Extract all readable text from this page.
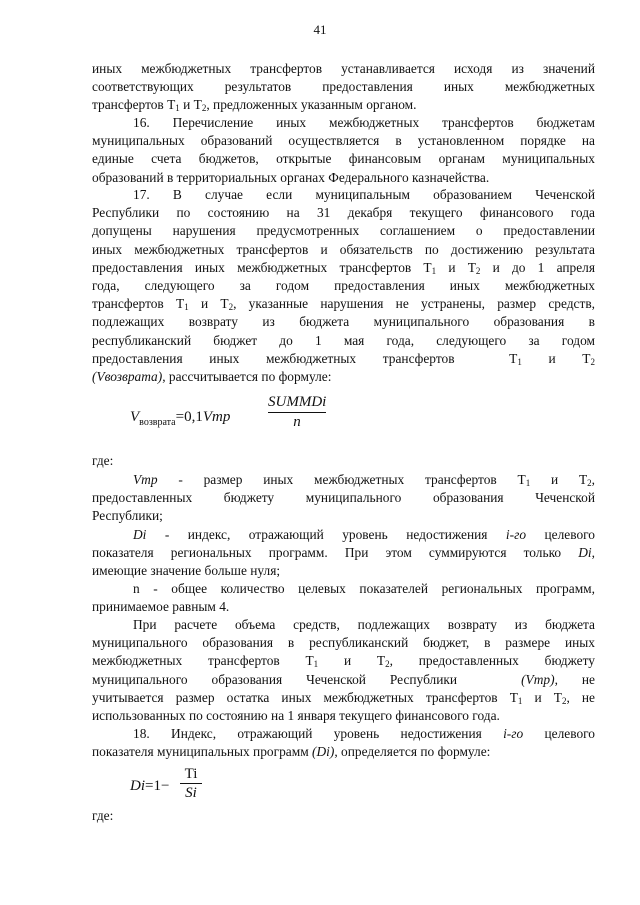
41

иных межбюджетных трансфертов устанавливается исходя из значений

соответствующих результатов предоставления иных межбюджетных

трансфертов $Т_1$ и $Т_2$, предложенных указанным органом.

16. Перечисление иных межбюджетных трансфертов бюджетам

муниципальных образований осуществляется в установленном порядке на

единые счета бюджетов, открытые финансовым органам муниципальных

образований в территориальных органах Федерального казначейства.

17. В случае если муниципальным образованием Чеченской

Республики по состоянию на 31 декабря текущего финансового года

допущены нарушения предусмотренных соглашением о предоставлении

иных межбюджетных трансфертов и обязательств по достижению результата

предоставления иных межбюджетных трансфертов $Т_1$ и $Т_2$ и до 1 апреля

года, следующего за годом предоставления иных межбюджетных

трансфертов $Т_1$ и $Т_2$, указанные нарушения не устранены, размер средств,

подлежащих возврату из бюджета муниципального образования в

республиканский бюджет до 1 мая года, следующего за годом

предоставления иных межбюджетных трансфертов	$Т_1$ и $Т_2$

(Vвозврата), рассчитывается по формуле:

$V_{возврата}=0,1Vтр$
SUMMDi
n

где:

Vтр - размер иных межбюджетных трансфертов $Т_1$ и $Т_2$,

предоставленных бюджету муниципального образования Чеченской

Республики;

Di - индекс, отражающий уровень недостижения i-го целевого

показателя региональных программ. При этом суммируются только Di,

имеющие значение больше нуля;

n - общее количество целевых показателей региональных программ,

принимаемое равным 4.

При расчете объема средств, подлежащих возврату из бюджета

муниципального образования в республиканский бюджет, в размере иных

межбюджетных трансфертов $Т_1$ и $Т_2$, предоставленных бюджету

муниципального образования Чеченской Республики	(Vтр), не

учитывается размер остатка иных межбюджетных трансфертов $Т_1$ и $Т_2$, не

использованных по состоянию на 1 января текущего финансового года.

18. Индекс, отражающий уровень недостижения i-го целевого

показателя муниципальных программ (Di), определяется по формуле:

$Di=1- \frac{Ti}{Si}$

где:
